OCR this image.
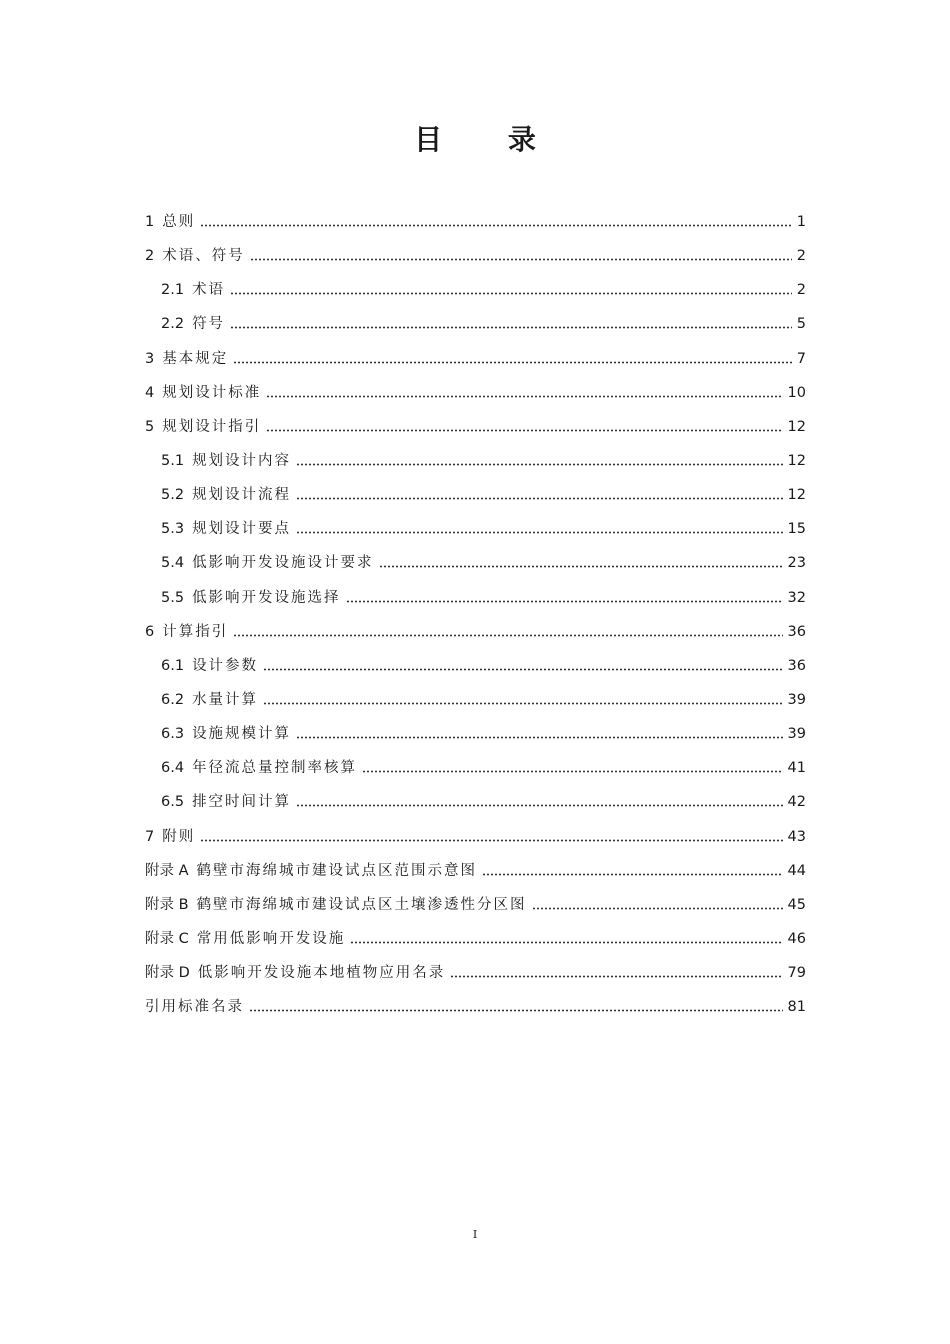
目 录
1 总则	1
2 术语、符号	2
2.1 术语	2
2.2 符号	5
3 基本规定	7
4 规划设计标准	10
5 规划设计指引	12
5.1 规划设计内容	12
5.2 规划设计流程	12
5.3 规划设计要点	15
5.4 低影响开发设施设计要求	23
5.5 低影响开发设施选择	32
6 计算指引	36
6.1 设计参数	36
6.2 水量计算	39
6.3 设施规模计算	39
6.4 年径流总量控制率核算	41
6.5 排空时间计算	42
7 附则	43
附录 A 鹤壁市海绵城市建设试点区范围示意图	44
附录 B 鹤壁市海绵城市建设试点区土壤渗透性分区图	45
附录 C 常用低影响开发设施	46
附录 D 低影响开发设施本地植物应用名录	79
引用标准名录	81
I
